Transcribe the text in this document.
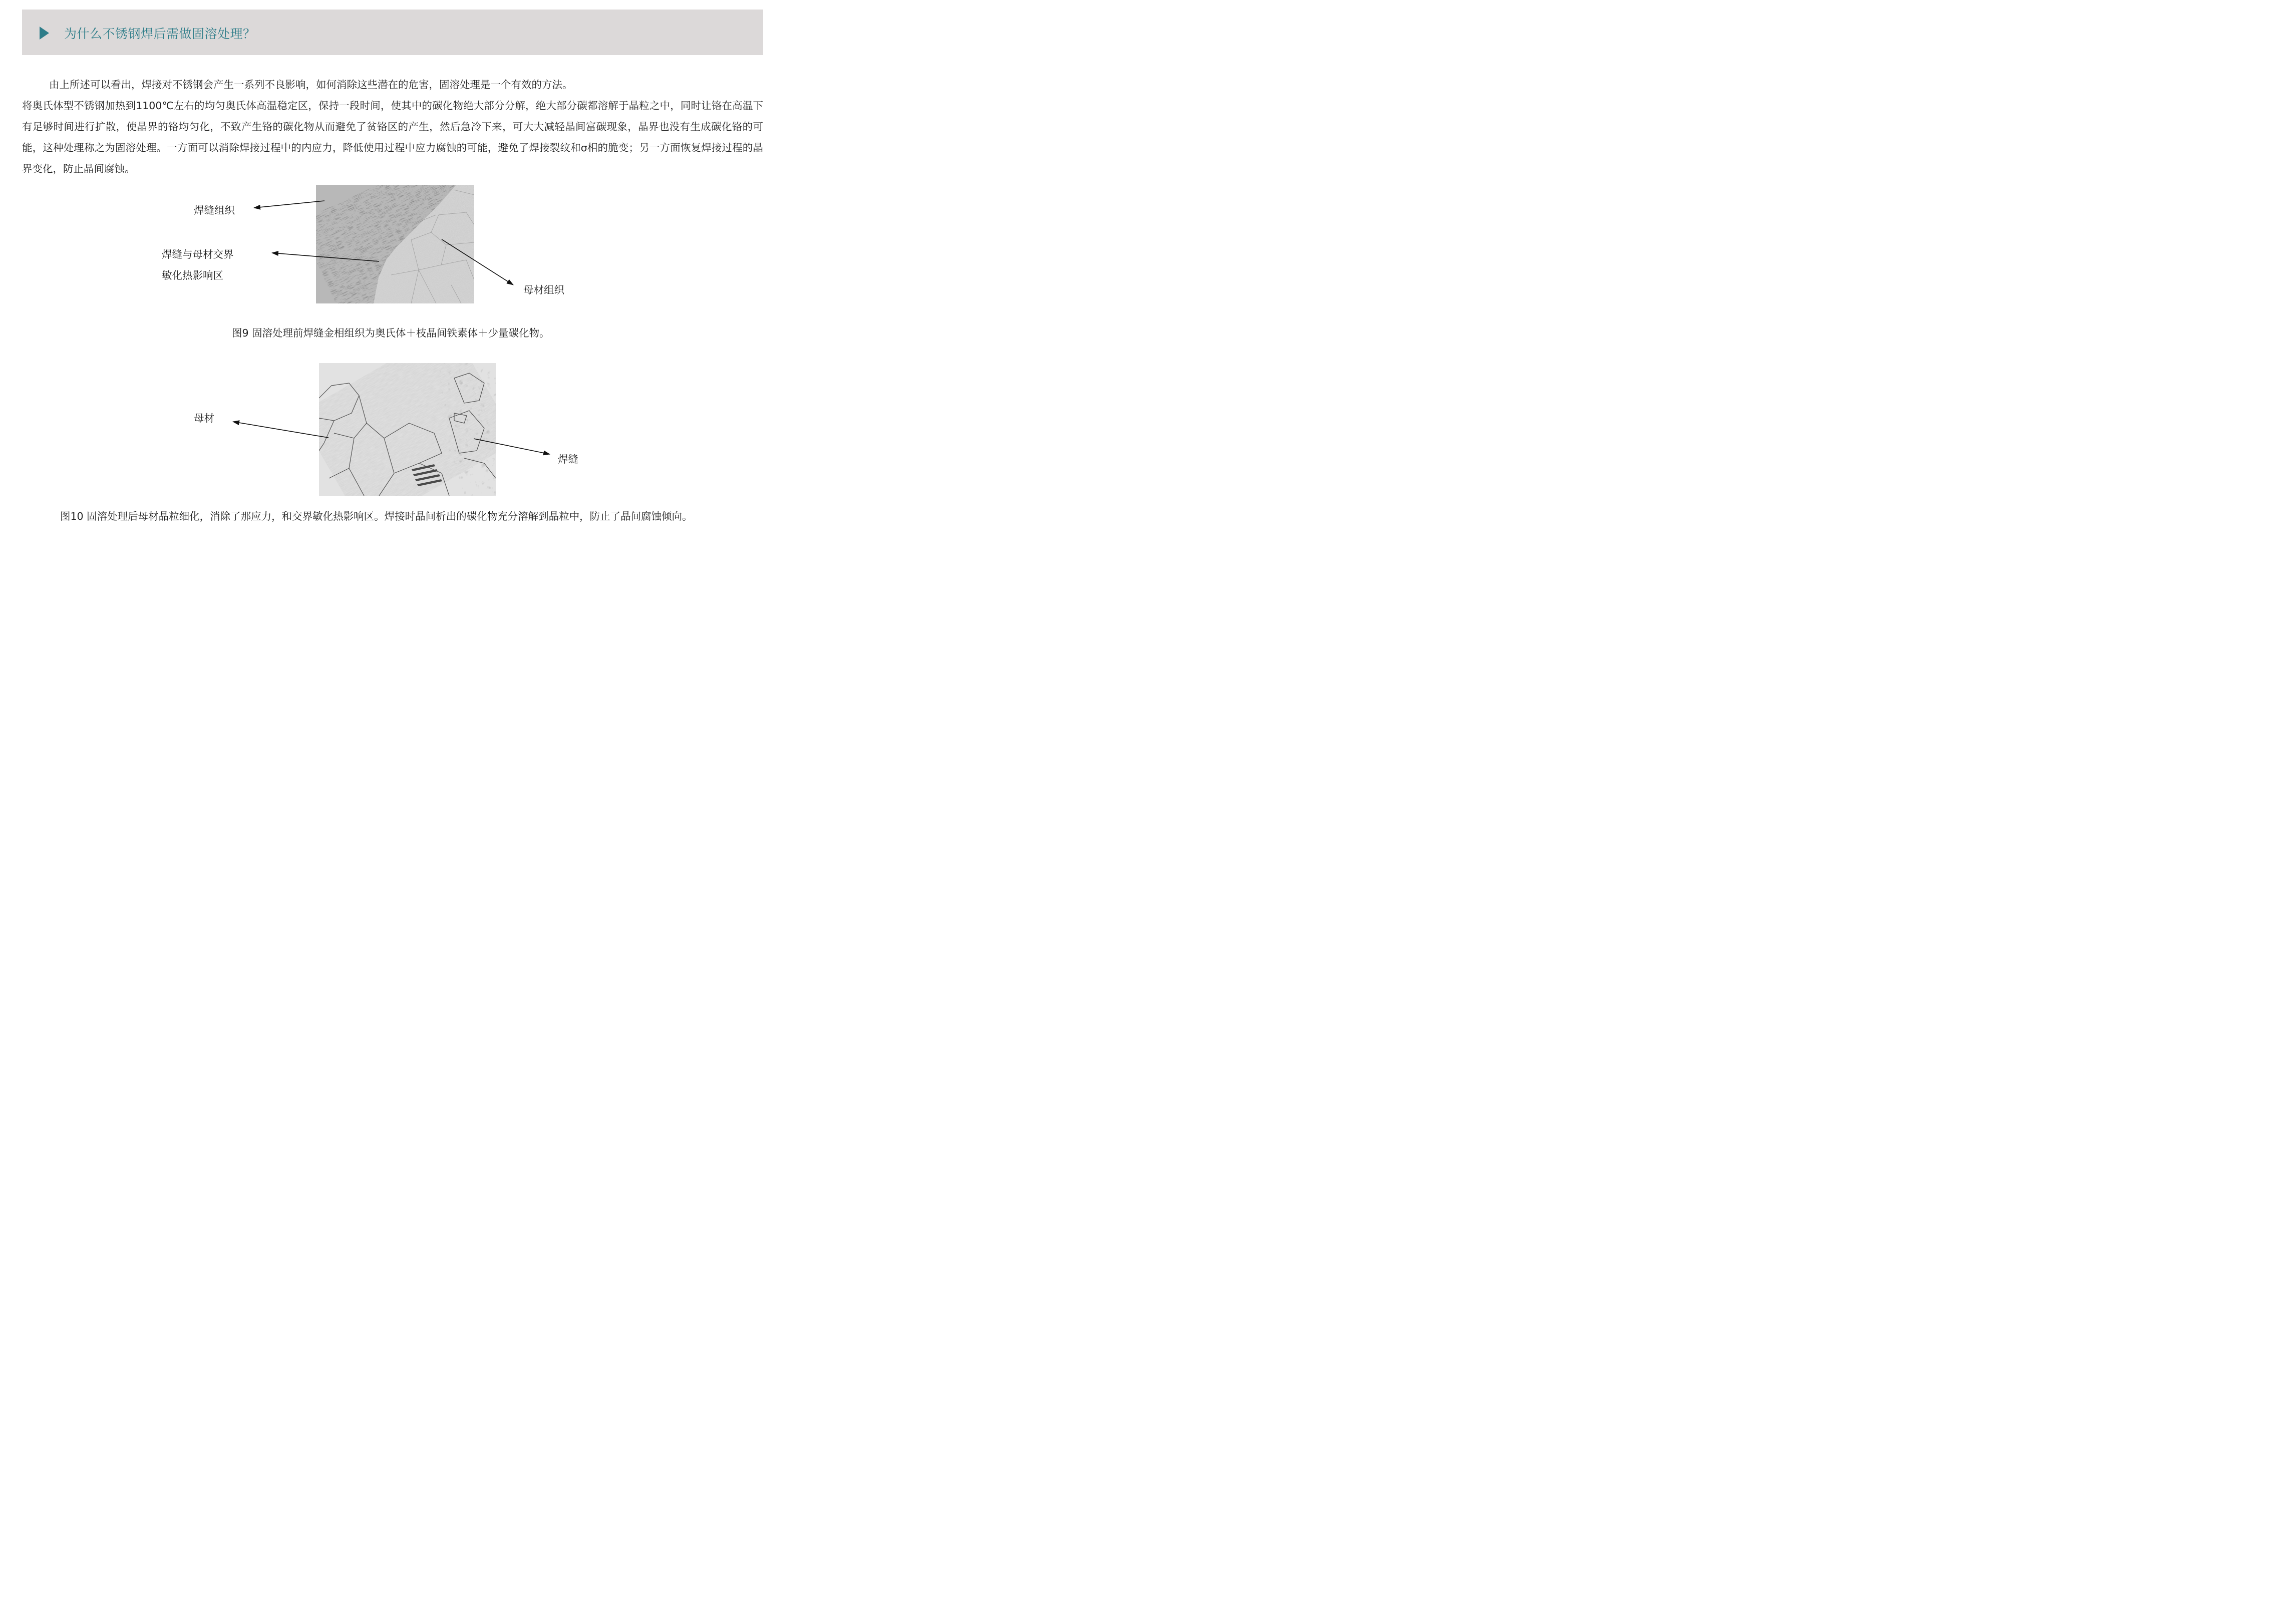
为什么不锈钢焊后需做固溶处理？

由上所述可以看出，焊接对不锈钢会产生一系列不良影响，如何消除这些潜在的危害，固溶处理是一个有效的方法。

将奥氏体型不锈钢加热到1100℃左右的均匀奥氏体高温稳定区，保持一段时间，使其中的碳化物绝大部分分解，绝大部分碳都溶解于晶粒之中，同时让铬在高温下有足够时间进行扩散，使晶界的铬均匀化，不致产生铬的碳化物从而避免了贫铬区的产生，然后急冷下来，可大大减轻晶间富碳现象，晶界也没有生成碳化铬的可能，这种处理称之为固溶处理。一方面可以消除焊接过程中的内应力，降低使用过程中应力腐蚀的可能，避免了焊接裂纹和σ相的脆变；另一方面恢复焊接过程的晶界变化，防止晶间腐蚀。

焊缝组织
焊缝与母材交界
敏化热影响区
母材组织
图9 固溶处理前焊缝金相组织为奥氏体＋枝晶间铁素体＋少量碳化物。
母材
焊缝
图10 固溶处理后母材晶粒细化，消除了那应力，和交界敏化热影响区。焊接时晶间析出的碳化物充分溶解到晶粒中，防止了晶间腐蚀倾向。
